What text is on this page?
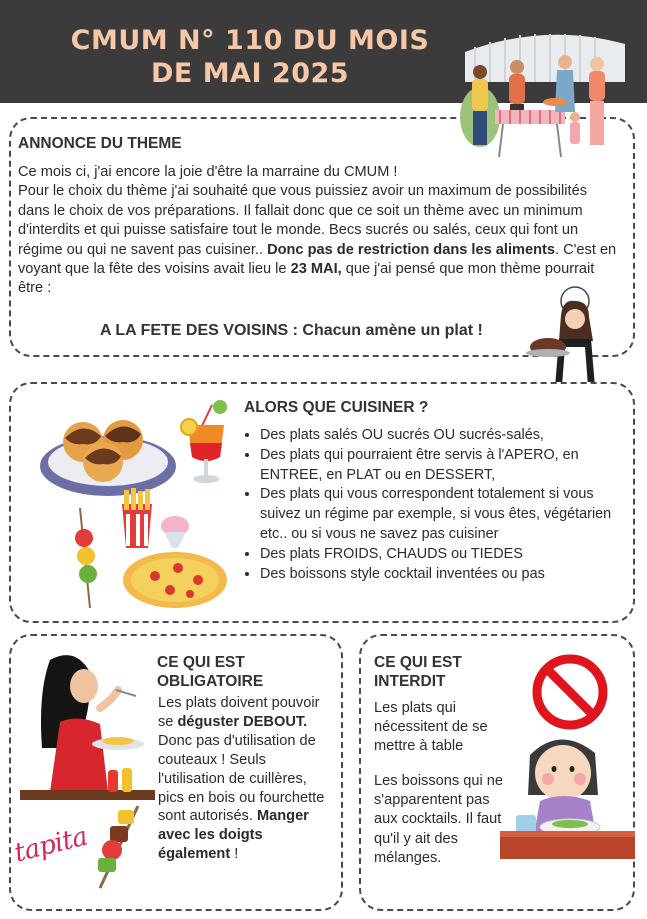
CMUM N° 110 DU MOIS
DE MAI 2025
ANNONCE DU THEME
Ce mois ci, j'ai encore la joie d'être la marraine du CMUM !
Pour le choix du thème j'ai souhaité que vous puissiez avoir un maximum de possibilités dans le choix de vos préparations. Il fallait donc que ce soit un thème avec un minimum d'interdits et qui puisse satisfaire tout le monde. Becs sucrés ou salés, ceux qui font un régime ou qui ne savent pas cuisiner.. Donc pas de restriction dans les aliments. C'est en voyant que la fête des voisins avait lieu le 23 MAI, que j'ai pensé que mon thème pourrait être :
A LA FETE DES VOISINS : Chacun amène un plat !
ALORS QUE CUISINER ?
• Des plats salés OU sucrés OU sucrés-salés,
• Des plats qui pourraient être servis à l'APERO, en ENTREE, en PLAT ou en DESSERT,
• Des plats qui vous correspondent totalement si vous suivez un régime par exemple, si vous êtes, végétarien etc.. ou si vous ne savez pas cuisiner
• Des plats FROIDS, CHAUDS ou TIEDES
• Des boissons style cocktail inventées ou pas
CE QUI EST
OBLIGATOIRE
Les plats doivent pouvoir se déguster DEBOUT. Donc pas d'utilisation de couteaux ! Seuls l'utilisation de cuillères, pics en bois ou fourchette sont autorisés. Manger avec les doigts également !
tapita
CE QUI EST
INTERDIT
Les plats qui nécessitent de se mettre à table
Les boissons qui ne s'apparentent pas aux cocktails. Il faut qu'il y ait des mélanges.
